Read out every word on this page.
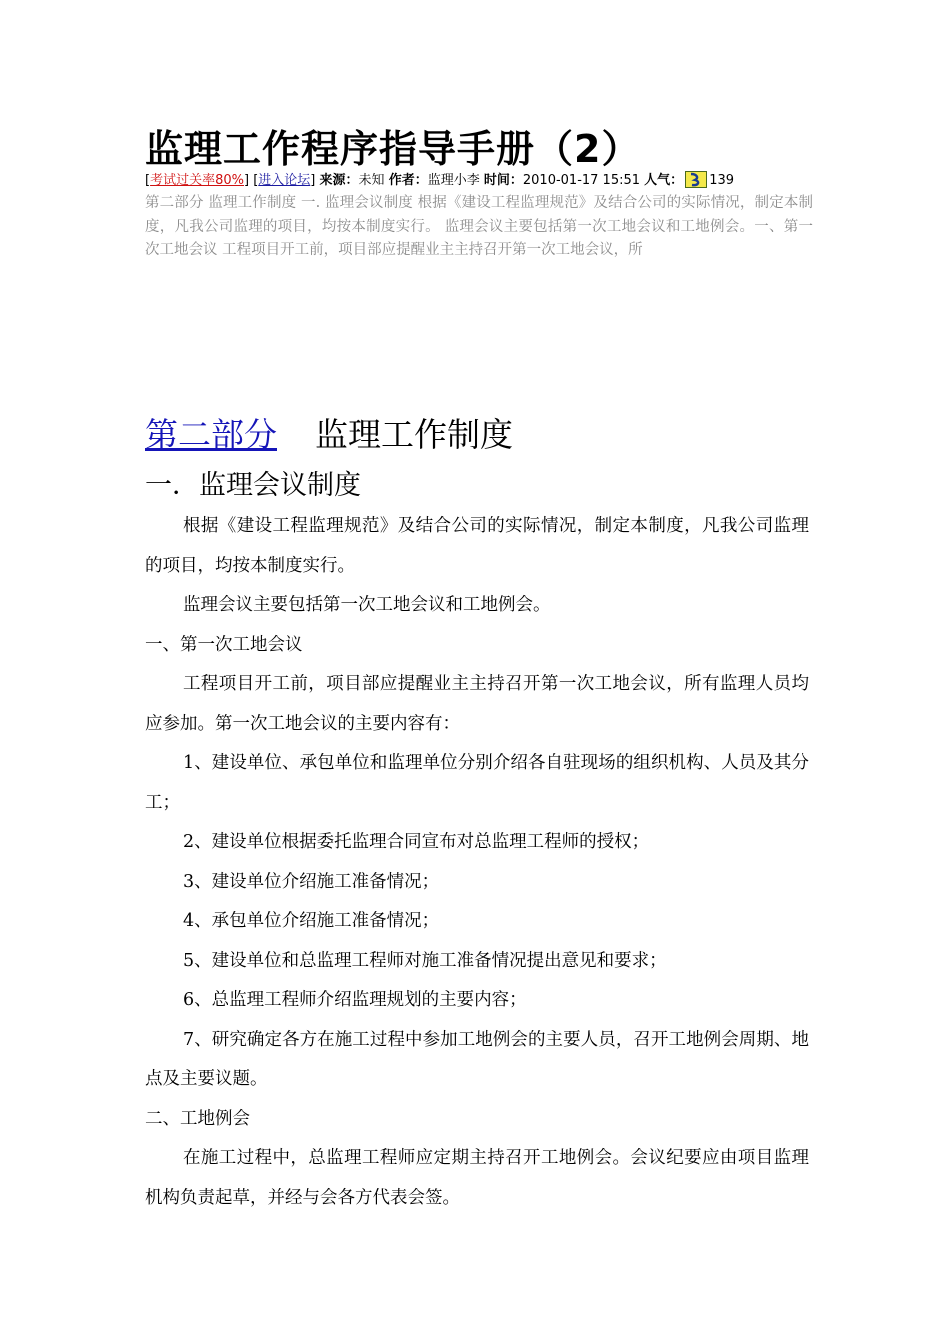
监理工作程序指导手册（2）
[考试过关率80%] [进入论坛] 来源：未知 作者：监理小李 时间：2010-01-17 15:51 人气： 139
第二部分 监理工作制度 一. 监理会议制度 根据《建设工程监理规范》及结合公司的实际情况，制定本制度，凡我公司监理的项目，均按本制度实行。 监理会议主要包括第一次工地会议和工地例会。一、第一次工地会议 工程项目开工前，项目部应提醒业主主持召开第一次工地会议，所
第二部分 监理工作制度
一．监理会议制度

根据《建设工程监理规范》及结合公司的实际情况，制定本制度，凡我公司监理的项目，均按本制度实行。

监理会议主要包括第一次工地会议和工地例会。

一、第一次工地会议

工程项目开工前，项目部应提醒业主主持召开第一次工地会议，所有监理人员均应参加。第一次工地会议的主要内容有：

1、建设单位、承包单位和监理单位分别介绍各自驻现场的组织机构、人员及其分工；

2、建设单位根据委托监理合同宣布对总监理工程师的授权；

3、建设单位介绍施工准备情况；

4、承包单位介绍施工准备情况；

5、建设单位和总监理工程师对施工准备情况提出意见和要求；

6、总监理工程师介绍监理规划的主要内容；

7、研究确定各方在施工过程中参加工地例会的主要人员，召开工地例会周期、地点及主要议题。

二、工地例会

在施工过程中，总监理工程师应定期主持召开工地例会。会议纪要应由项目监理机构负责起草，并经与会各方代表会签。
